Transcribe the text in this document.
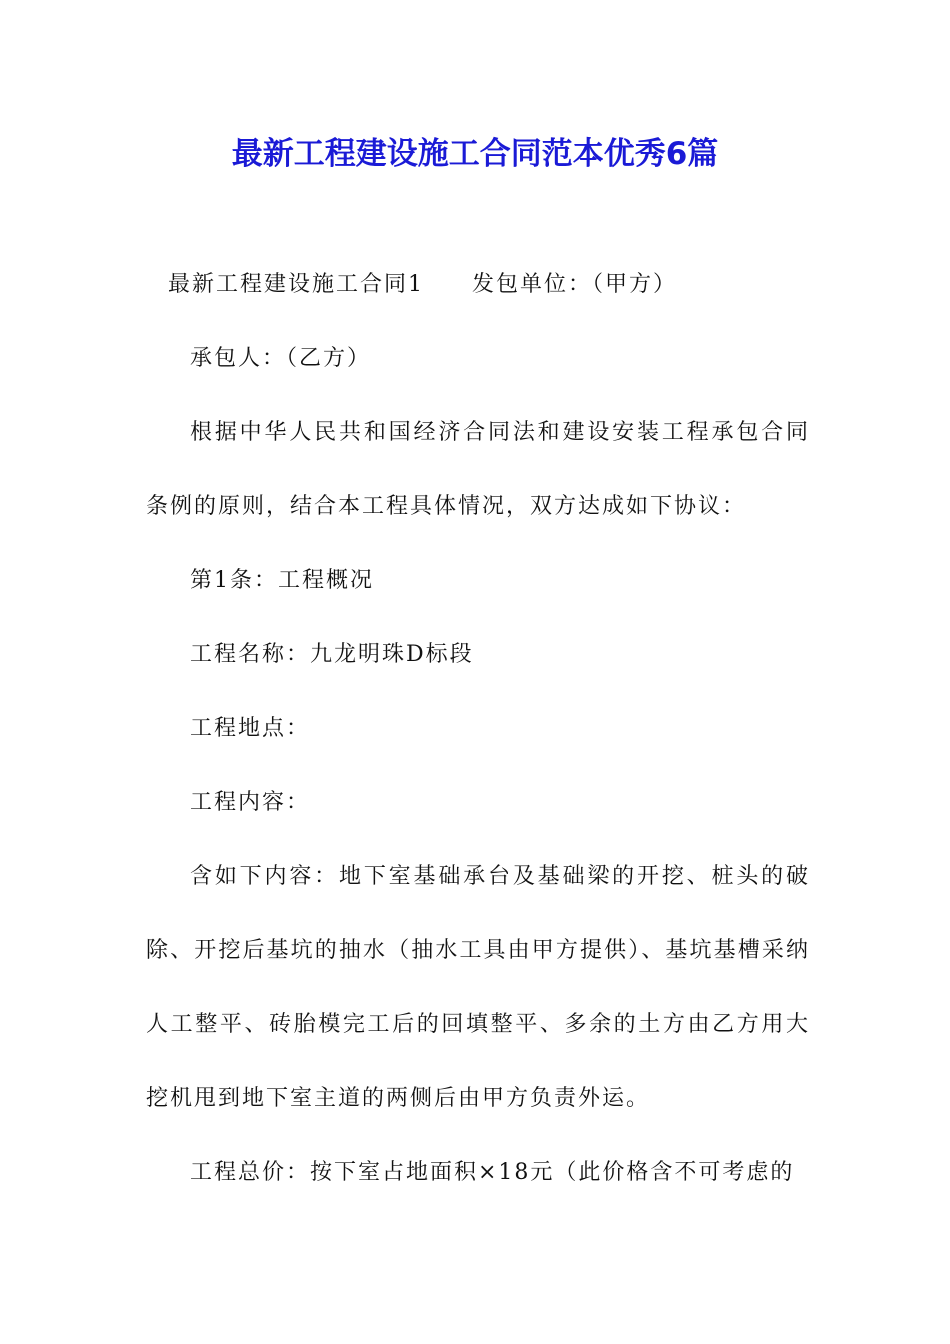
最新工程建设施工合同范本优秀6篇

最新工程建设施工合同1 发包单位：（甲方）

承包人：（乙方）

根据中华人民共和国经济合同法和建设安装工程承包合同条例的原则，结合本工程具体情况，双方达成如下协议：

第1条：工程概况

工程名称：九龙明珠D标段

工程地点：

工程内容：

含如下内容：地下室基础承台及基础梁的开挖、桩头的破除、开挖后基坑的抽水（抽水工具由甲方提供）、基坑基槽采纳人工整平、砖胎模完工后的回填整平、多余的土方由乙方用大挖机甩到地下室主道的两侧后由甲方负责外运。

工程总价：按下室占地面积×18元（此价格含不可考虑的
